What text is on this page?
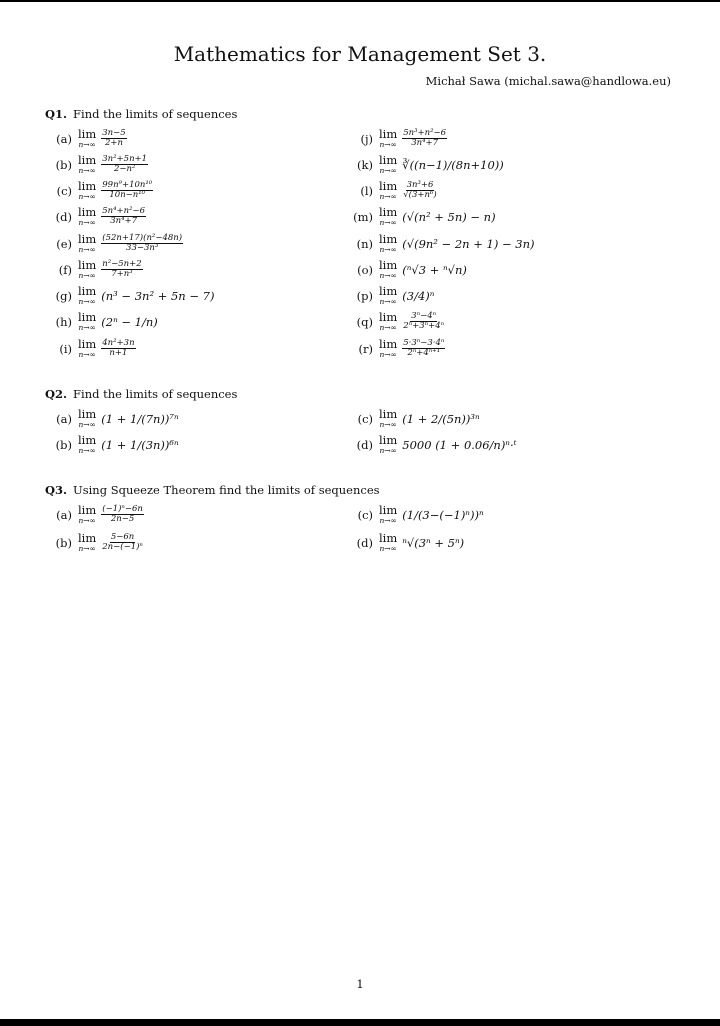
Mathematics for Management Set 3.
Michał Sawa (michal.sawa@handlowa.eu)
Q1. Find the limits of sequences
(a) lim
$n\to\infty \frac{3n-5}{2+n}$
(b) lim
$n\to\infty \frac{\text{3n²+5n+1}}{\text{2−n²}}$
(c) lim
$n\to\infty \frac{\text{99n⁹+10n¹⁰}}{\text{10n−n¹⁰}}$
(d) lim
$n\to\infty \frac{\text{5n⁴+n²−6}}{\text{3n⁴+7}}$
(e) lim
$n\to\infty \frac{\text{(52n+17)(n²−48n)}}{\text{33−3n³}}$
(f) lim
$n\to\infty \frac{\text{n²−5n+2}}{\text{7+n³}}$
(g) lim
n→∞ (n³ − 3n² + 5n − 7)
(h) lim
n→∞ (2ⁿ − 1/n)
(i) lim
$n\to\infty \frac{\text{4n²+3n}}{n+1}$
(j) lim
$n\to\infty \frac{\text{5n³+n²−6}}{\text{3n⁴+7}}$
(k) lim
n→∞ ∛((n−1)/(8n+10))
(l) lim
$n\to\infty \frac{\text{3n³+6}}{\text{√(3+n⁶)}}$
(m) lim
n→∞ (√(n² + 5n) − n)
(n) lim
n→∞ (√(9n² − 2n + 1) − 3n)
(o) lim
n→∞ (ⁿ√3 + ⁿ√n)
(p) lim
n→∞ (3/4)ⁿ
(q) lim
$n\to\infty \frac{\text{3ⁿ−4ⁿ}}{\text{2ⁿ+3ⁿ+4ⁿ}}$
(r) lim
$n\to\infty \frac{\text{5·3ⁿ−3·4ⁿ}}{\text{2ⁿ+4ⁿ⁺¹}}$
Q2. Find the limits of sequences
(a) lim
n→∞ (1 + 1/(7n))⁷ⁿ
(b) lim
n→∞ (1 + 1/(3n))⁶ⁿ
(c) lim
n→∞ (1 + 2/(5n))³ⁿ
(d) lim
n→∞ 5000 (1 + 0.06/n)ⁿ·ᵗ
Q3. Using Squeeze Theorem find the limits of sequences
(a) lim
$n\to\infty \frac{\text{(−1)ⁿ−6n}}{2n-5}$
(b) lim
$n\to\infty \frac{5-6n}{\text{2n−(−1)ⁿ}}$
(c) lim
n→∞ (1/(3−(−1)ⁿ))ⁿ
(d) lim
n→∞ ⁿ√(3ⁿ + 5ⁿ)
1
